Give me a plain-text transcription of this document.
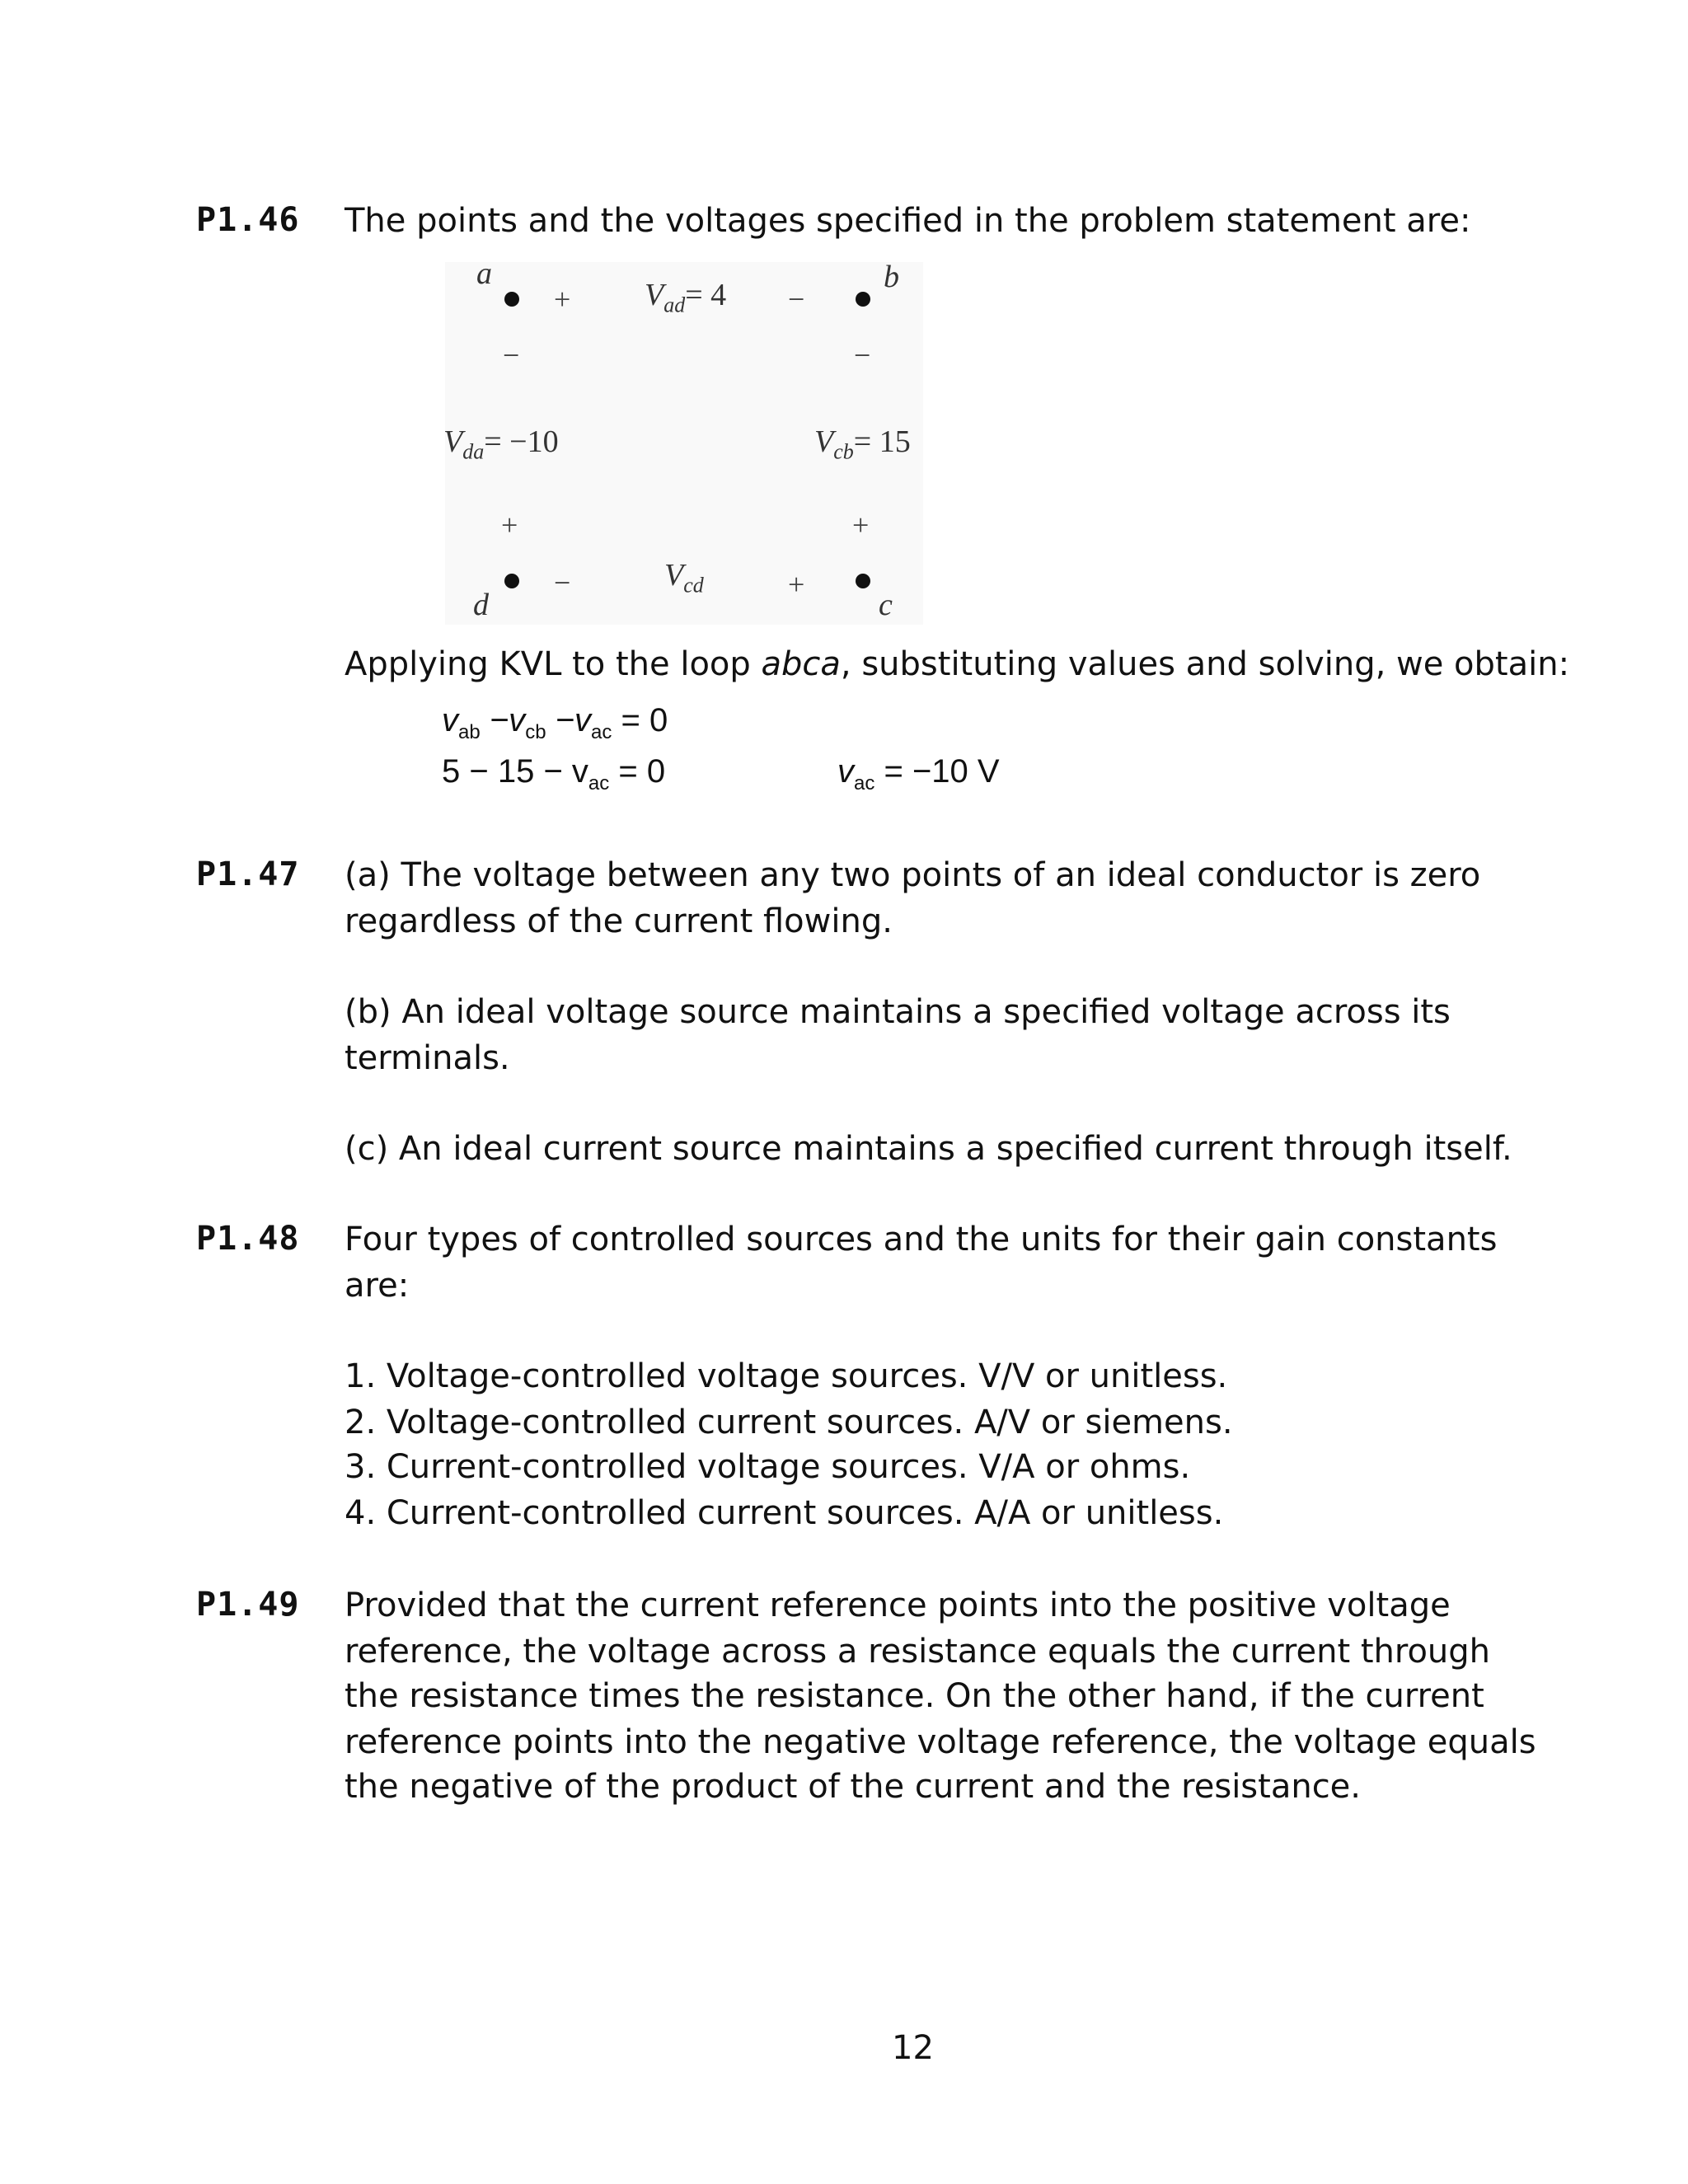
P1.46 The points and the voltages specified in the problem statement are:
a
+ $V_{ad}= 4$ −
b
−	−
$V_{da}= -10$	$V_{cb}= 15$
+	+
d
−	$V_{cd}$	+
c
Applying KVL to the loop abca, substituting values and solving, we obtain:
$v_{ab} -v_{cb} -v_{ac} = 0$
$5 - 15 - v_{ac} = 0$	$v_{ac} = -10$ V
P1.47 (a) The voltage between any two points of an ideal conductor is zero
regardless of the current flowing.
(b) An ideal voltage source maintains a specified voltage across its
terminals.
(c) An ideal current source maintains a specified current through itself.
P1.48 Four types of controlled sources and the units for their gain constants
are:
1. Voltage-controlled voltage sources. V/V or unitless.
2. Voltage-controlled current sources. A/V or siemens.
3. Current-controlled voltage sources. V/A or ohms.
4. Current-controlled current sources. A/A or unitless.
P1.49 Provided that the current reference points into the positive voltage
reference, the voltage across a resistance equals the current through
the resistance times the resistance. On the other hand, if the current
reference points into the negative voltage reference, the voltage equals
the negative of the product of the current and the resistance.
12
